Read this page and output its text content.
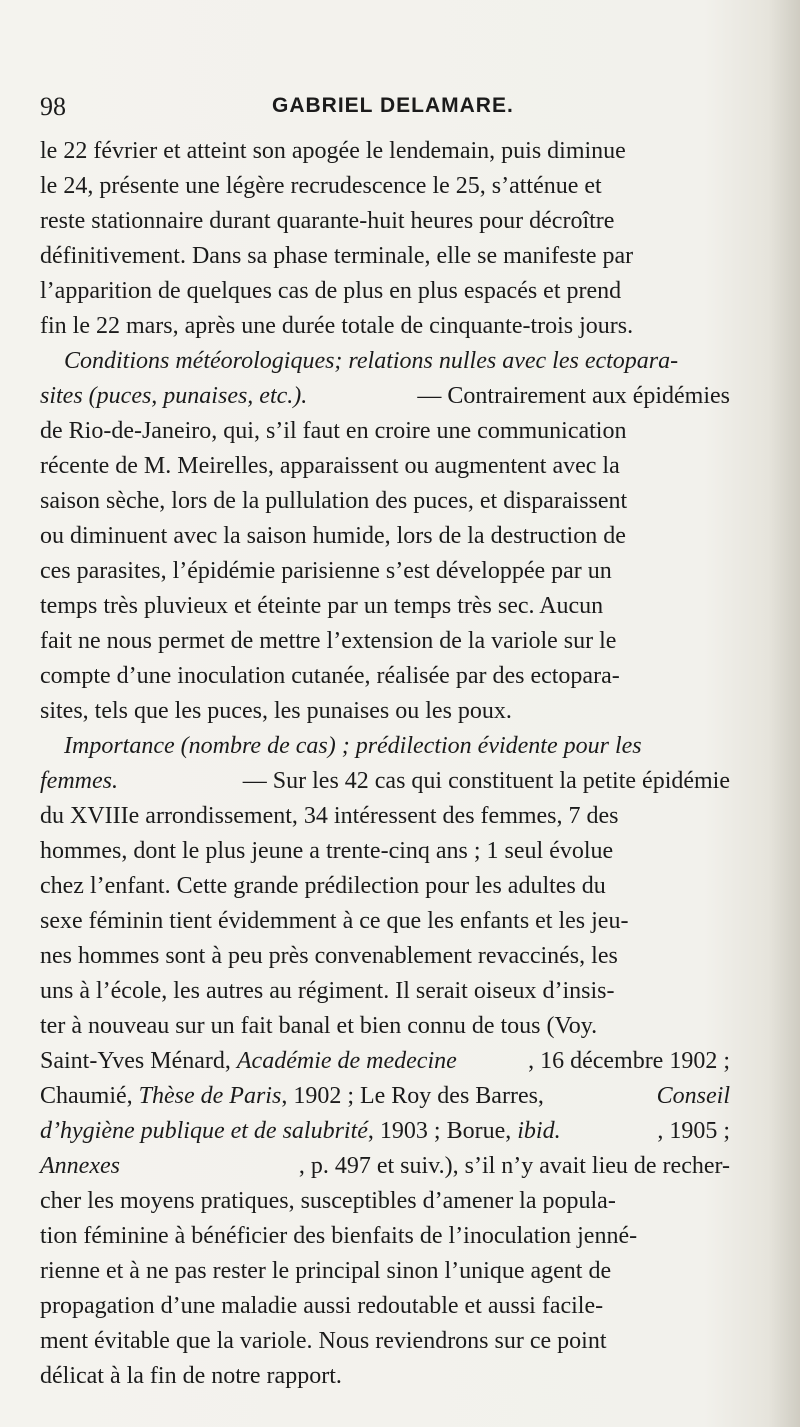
98	GABRIEL DELAMARE.
le 22 février et atteint son apogée le lendemain, puis diminue
le 24, présente une légère recrudescence le 25, s’atténue et
reste stationnaire durant quarante-huit heures pour décroître
définitivement. Dans sa phase terminale, elle se manifeste par
l’apparition de quelques cas de plus en plus espacés et prend
fin le 22 mars, après une durée totale de cinquante-trois jours.
Conditions météorologiques; relations nulles avec les ectopara-
sites (puces, punaises, etc.).	— Contrairement aux épidémies
de Rio-de-Janeiro, qui, s’il faut en croire une communication
récente de M. Meirelles, apparaissent ou augmentent avec la
saison sèche, lors de la pullulation des puces, et disparaissent
ou diminuent avec la saison humide, lors de la destruction de
ces parasites, l’épidémie parisienne s’est développée par un
temps très pluvieux et éteinte par un temps très sec. Aucun
fait ne nous permet de mettre l’extension de la variole sur le
compte d’une inoculation cutanée, réalisée par des ectopara-
sites, tels que les puces, les punaises ou les poux.
Importance (nombre de cas) ; prédilection évidente pour les
femmes.	— Sur les 42 cas qui constituent la petite épidémie
du XVIIIe arrondissement, 34 intéressent des femmes, 7 des
hommes, dont le plus jeune a trente-cinq ans ; 1 seul évolue
chez l’enfant. Cette grande prédilection pour les adultes du
sexe féminin tient évidemment à ce que les enfants et les jeu-
nes hommes sont à peu près convenablement revaccinés, les
uns à l’école, les autres au régiment. Il serait oiseux d’insis-
ter à nouveau sur un fait banal et bien connu de tous (Voy.
Saint-Yves Ménard, Académie de medecine	, 16 décembre 1902 ;
Chaumié, Thèse de Paris , 1902 ; Le Roy des Barres,	Conseil
d’hygiène publique et de salubrité , 1903 ; Borue, ibid.	, 1905 ;
Annexes	, p. 497 et suiv.), s’il n’y avait lieu de recher-
cher les moyens pratiques, susceptibles d’amener la popula-
tion féminine à bénéficier des bienfaits de l’inoculation jenné-
rienne et à ne pas rester le principal sinon l’unique agent de
propagation d’une maladie aussi redoutable et aussi facile-
ment évitable que la variole. Nous reviendrons sur ce point
délicat à la fin de notre rapport.
